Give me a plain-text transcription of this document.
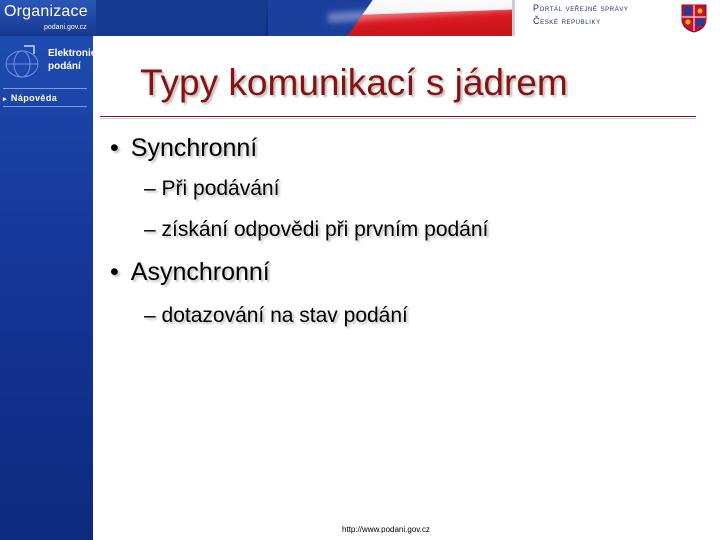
Organizace
podani.gov.cz
Portál veřejné správy
České republiky
Elektronická
podání
▸ Nápověda	Typy komunikací s jádrem
• Synchronní
– Při podávání
– získání odpovědi při prvním podání
• Asynchronní
– dotazování na stav podání
http://www.podani.gov.cz
